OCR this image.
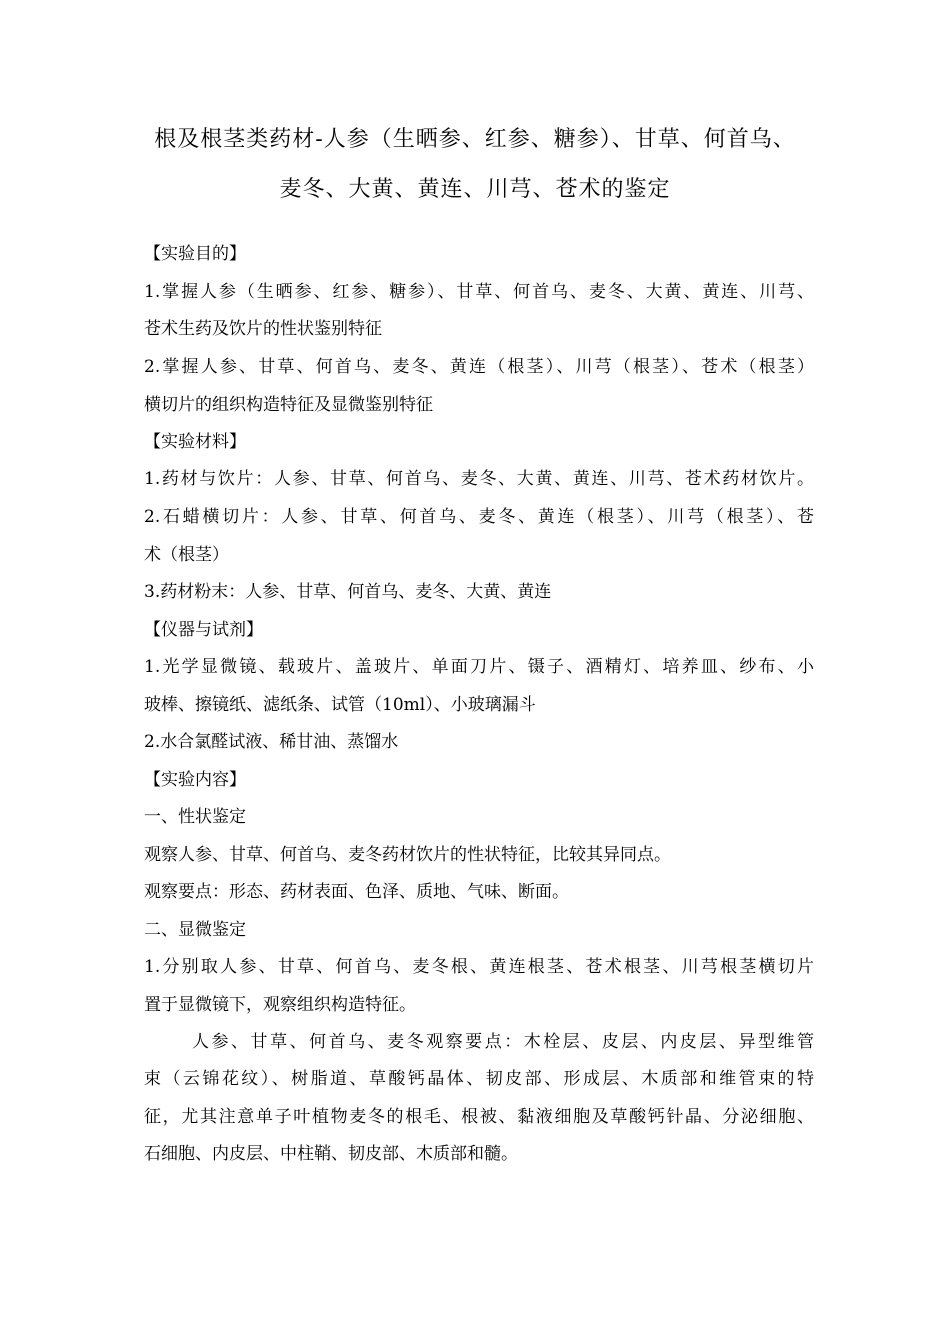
根及根茎类药材-人参（生晒参、红参、糖参）、甘草、何首乌、
麦冬、大黄、黄连、川芎、苍术的鉴定
【实验目的】
1.掌握人参（生晒参、红参、糖参）、甘草、何首乌、麦冬、大黄、黄连、川芎、
苍术生药及饮片的性状鉴别特征
2.掌握人参、甘草、何首乌、麦冬、黄连（根茎）、川芎（根茎）、苍术（根茎）
横切片的组织构造特征及显微鉴别特征
【实验材料】
1.药材与饮片：人参、甘草、何首乌、麦冬、大黄、黄连、川芎、苍术药材饮片。
2.石蜡横切片：人参、甘草、何首乌、麦冬、黄连（根茎）、川芎（根茎）、苍
术（根茎）
3.药材粉末：人参、甘草、何首乌、麦冬、大黄、黄连
【仪器与试剂】
1.光学显微镜、载玻片、盖玻片、单面刀片、镊子、酒精灯、培养皿、纱布、小
玻棒、擦镜纸、滤纸条、试管（10ml）、小玻璃漏斗
2.水合氯醛试液、稀甘油、蒸馏水
【实验内容】
一、性状鉴定
观察人参、甘草、何首乌、麦冬药材饮片的性状特征，比较其异同点。
观察要点：形态、药材表面、色泽、质地、气味、断面。
二、显微鉴定
1.分别取人参、甘草、何首乌、麦冬根、黄连根茎、苍术根茎、川芎根茎横切片
置于显微镜下，观察组织构造特征。
人参、甘草、何首乌、麦冬观察要点：木栓层、皮层、内皮层、异型维管
束（云锦花纹）、树脂道、草酸钙晶体、韧皮部、形成层、木质部和维管束的特
征，尤其注意单子叶植物麦冬的根毛、根被、黏液细胞及草酸钙针晶、分泌细胞、
石细胞、内皮层、中柱鞘、韧皮部、木质部和髓。
